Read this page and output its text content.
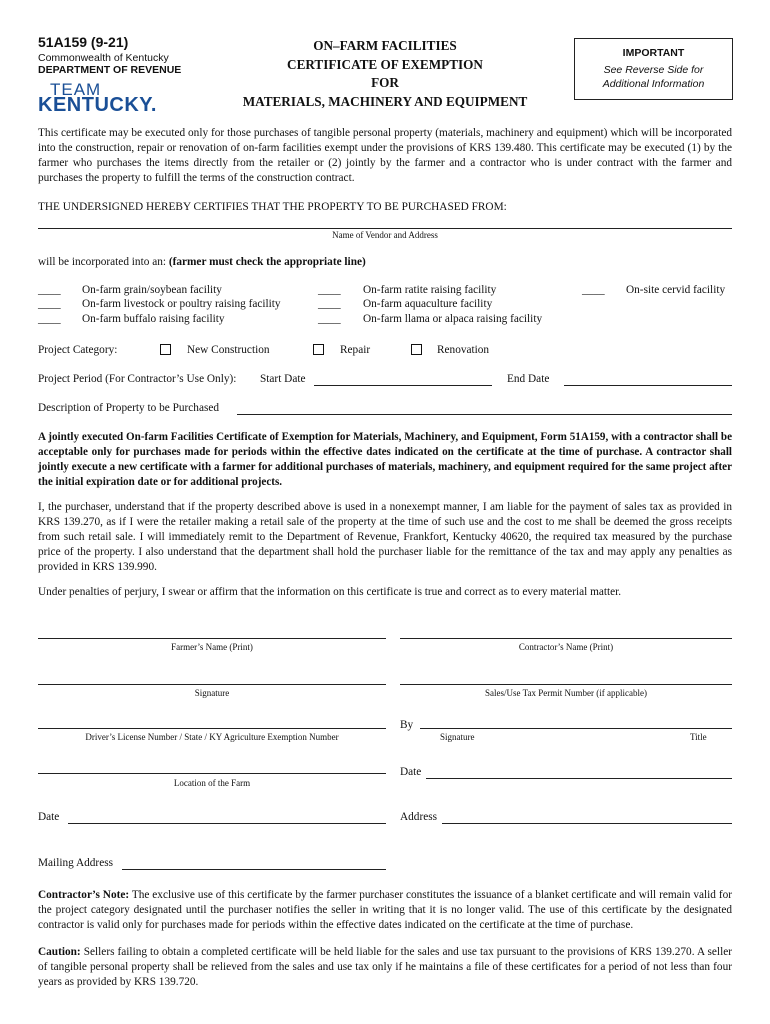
51A159 (9-21)
Commonwealth of Kentucky
DEPARTMENT OF REVENUE
TEAM
KENTUCKY.
ON–FARM FACILITIES
CERTIFICATE OF EXEMPTION
FOR
MATERIALS, MACHINERY AND EQUIPMENT
IMPORTANT
See Reverse Side for
Additional Information
This certificate may be executed only for those purchases of tangible personal property (materials, machinery and equipment) which will be incorporated into the construction, repair or renovation of on-farm facilities exempt under the provisions of KRS 139.480. This certificate may be executed (1) by the farmer who purchases the items directly from the retailer or (2) jointly by the farmer and a contractor who is under contract with the farmer and purchases the property to fulfill the terms of the construction contract.
THE UNDERSIGNED HEREBY CERTIFIES THAT THE PROPERTY TO BE PURCHASED FROM:
Name of Vendor and Address
will be incorporated into an: (farmer must check the appropriate line)
____ On-farm grain/soybean facility
____ On-farm livestock or poultry raising facility
____ On-farm buffalo raising facility
____ On-farm ratite raising facility
____ On-farm aquaculture facility
____ On-farm llama or alpaca raising facility
____ On-site cervid facility
Project Category:	New Construction	Repair	Renovation
Project Period (For Contractor’s Use Only): Start Date	End Date
Description of Property to be Purchased
A jointly executed On-farm Facilities Certificate of Exemption for Materials, Machinery, and Equipment, Form 51A159, with a contractor shall be acceptable only for purchases made for periods within the effective dates indicated on the certificate at the time of purchase. A contractor shall jointly execute a new certificate with a farmer for additional purchases of materials, machinery, and equipment required for the same project after the initial expiration date or for additional projects.
I, the purchaser, understand that if the property described above is used in a nonexempt manner, I am liable for the payment of sales tax as provided in KRS 139.270, as if I were the retailer making a retail sale of the property at the time of such use and the cost to me shall be deemed the gross receipts from such retail sale. I will immediately remit to the Department of Revenue, Frankfort, Kentucky 40620, the required tax measured by the purchase price of the property. I also understand that the department shall hold the purchaser liable for the remittance of the tax and may apply any penalties as provided in KRS 139.990.
Under penalties of perjury, I swear or affirm that the information on this certificate is true and correct as to every material matter.
Farmer’s Name (Print)
Signature
Driver’s License Number / State / KY Agriculture Exemption Number
Location of the Farm
Date
Mailing Address
Contractor’s Name (Print)
Sales/Use Tax Permit Number (if applicable)
By
Signature	Title
Date
Address
Contractor’s Note: The exclusive use of this certificate by the farmer purchaser constitutes the issuance of a blanket certificate and will remain valid for the project category designated until the purchaser notifies the seller in writing that it is no longer valid. The use of this certificate by the designated contractor is valid only for purchases made for periods within the effective dates indicated on the certificate at the time of purchase.
Caution: Sellers failing to obtain a completed certificate will be held liable for the sales and use tax pursuant to the provisions of KRS 139.270. A seller of tangible personal property shall be relieved from the sales and use tax only if he maintains a file of these certificates for a period of not less than four years as provided by KRS 139.720.
